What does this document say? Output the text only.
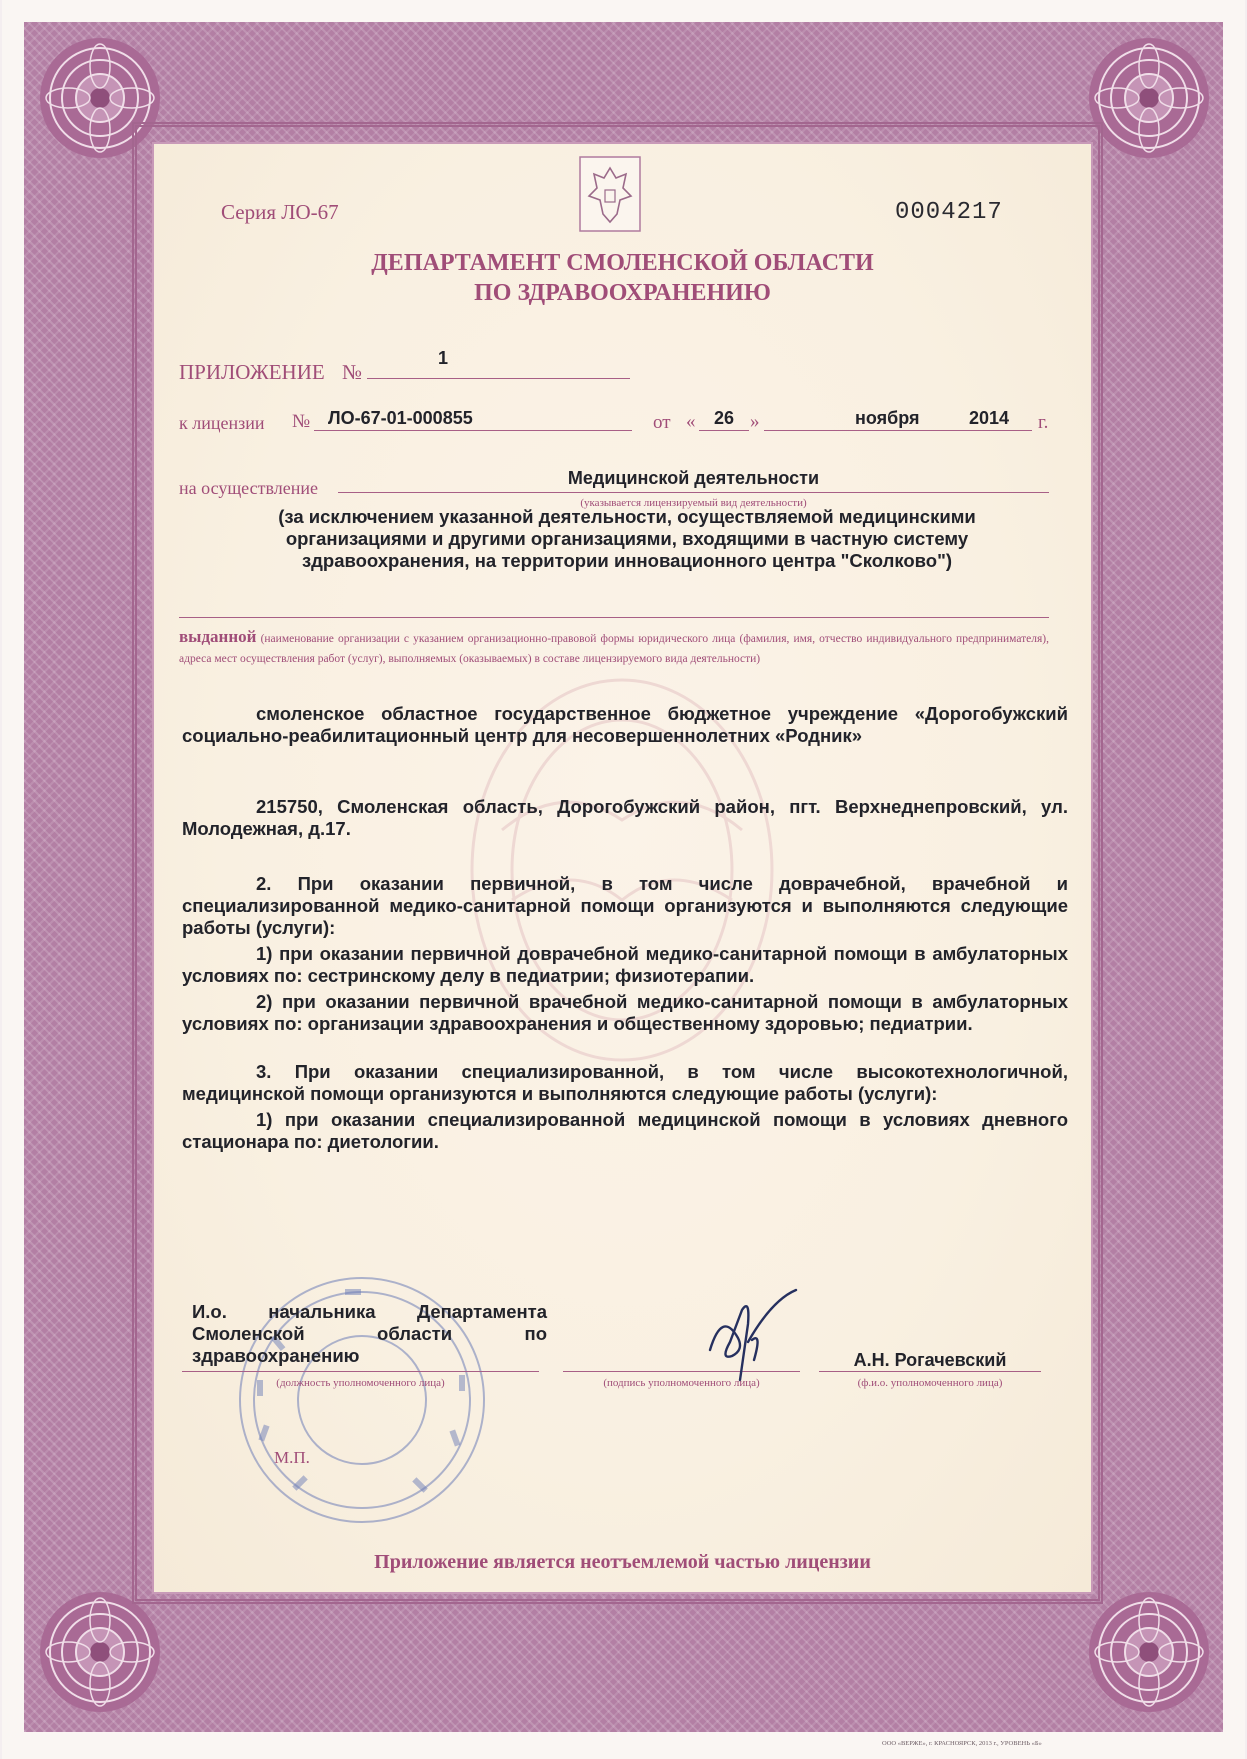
Серия ЛО-67	0004217
ДЕПАРТАМЕНТ СМОЛЕНСКОЙ ОБЛАСТИ
ПО ЗДРАВООХРАНЕНИЮ
ПРИЛОЖЕНИЕ №
1
к лицензии № ЛО-67-01-000855	от « 26 »	ноября	2014 г.
на осуществление	Медицинской деятельности
(указывается лицензируемый вид деятельности)
(за исключением указанной деятельности, осуществляемой медицинскими организациями и другими организациями, входящими в частную систему здравоохранения, на территории инновационного центра "Сколково")
выданной (наименование организации с указанием организационно-правовой формы юридического лица (фамилия, имя, отчество индивидуального предпринимателя), адреса мест осуществления работ (услуг), выполняемых (оказываемых) в составе лицензируемого вида деятельности)
смоленское областное государственное бюджетное учреждение «Дорогобужский социально-реабилитационный центр для несовершеннолетних «Родник»
215750, Смоленская область, Дорогобужский район, пгт. Верхнеднепровский, ул. Молодежная, д.17.
2. При оказании первичной, в том числе доврачебной, врачебной и специализированной медико-санитарной помощи организуются и выполняются следующие работы (услуги):
1) при оказании первичной доврачебной медико-санитарной помощи в амбулаторных условиях по: сестринскому делу в педиатрии; физиотерапии.
2) при оказании первичной врачебной медико-санитарной помощи в амбулаторных условиях по: организации здравоохранения и общественному здоровью; педиатрии.
3. При оказании специализированной, в том числе высокотехнологичной, медицинской помощи организуются и выполняются следующие работы (услуги):
1) при оказании специализированной медицинской помощи в условиях дневного стационара по: диетологии.
И.о. начальника Департамента
Смоленской области по
здравоохранению
(должность уполномоченного лица)	(подпись уполномоченного лица)
А.Н. Рогачевский
(ф.и.о. уполномоченного лица)
М.П.
Приложение является неотъемлемой частью лицензии
ООО «ВЕРЖЕ», г. КРАСНОЯРСК, 2013 г., УРОВЕНЬ «Б»
